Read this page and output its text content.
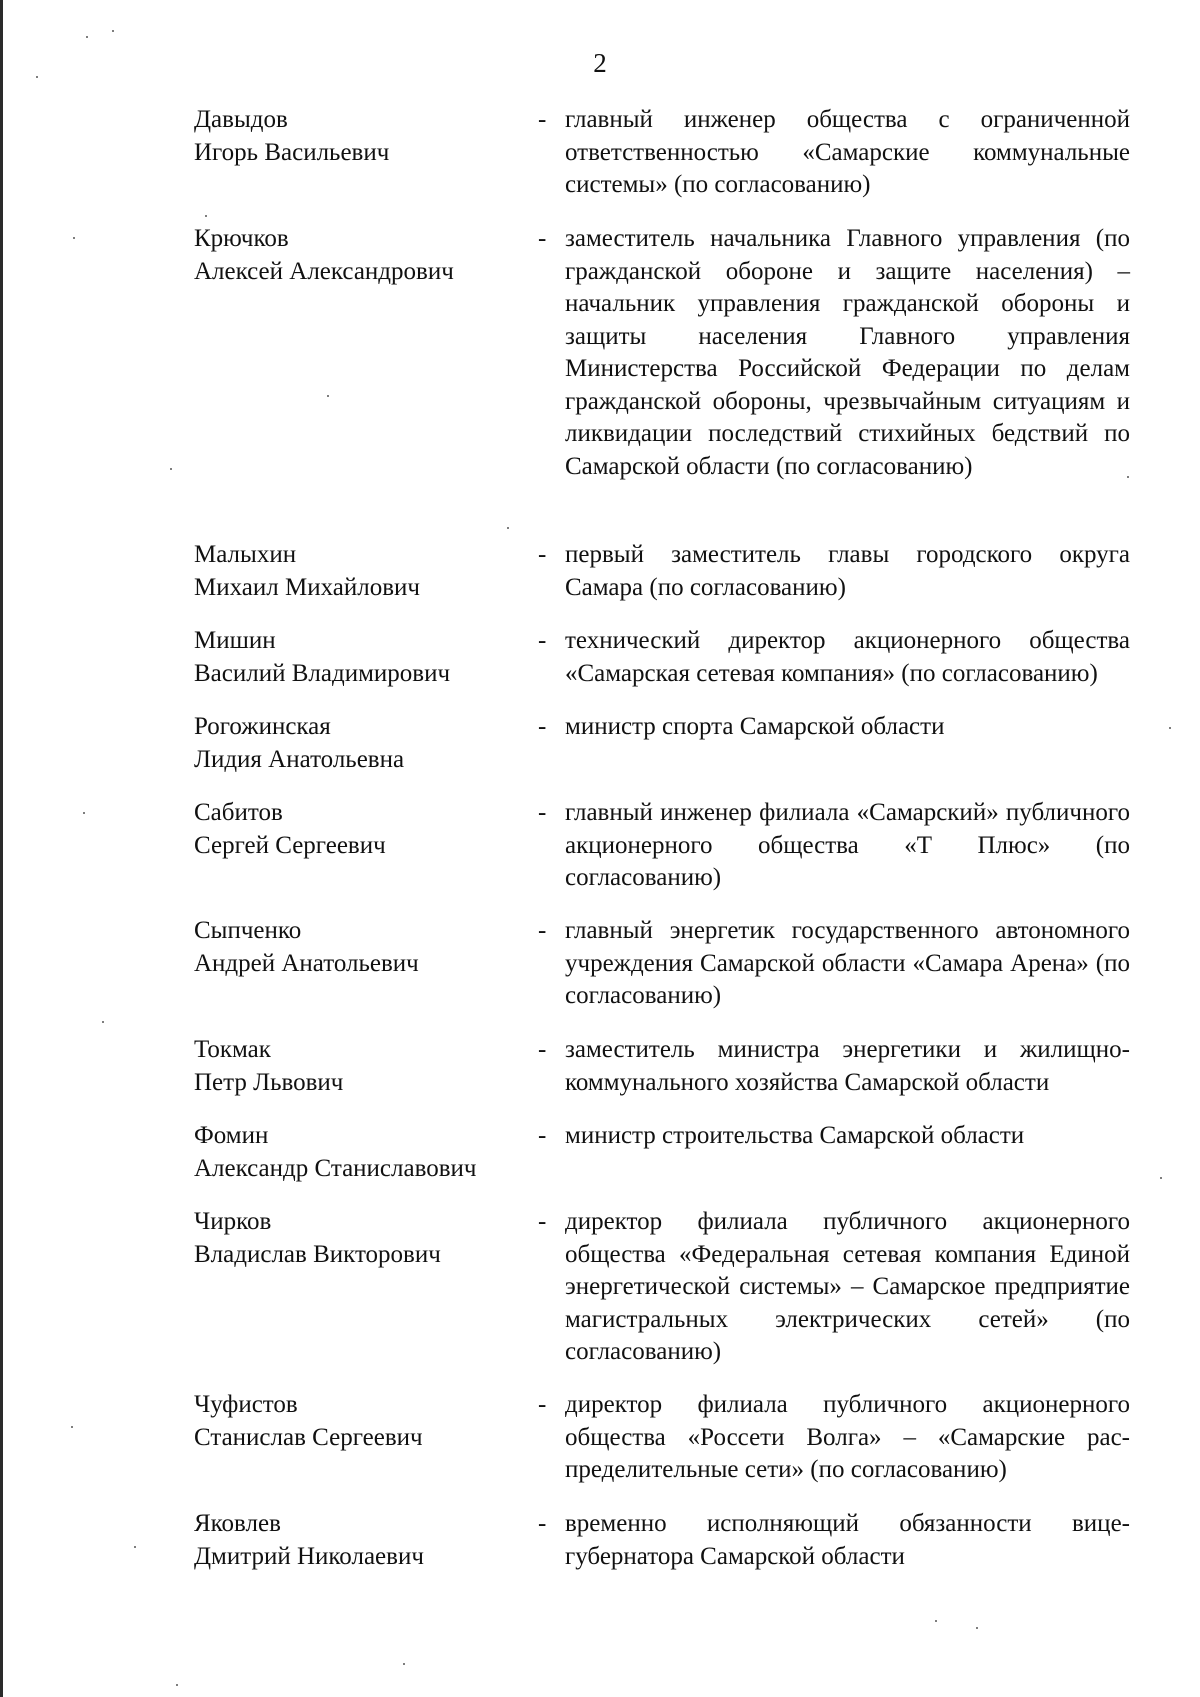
2
Давыдов
Игорь Васильевич
- главный инженер общества с ограниченной ответственностью «Самарские коммунальные системы» (по согласованию)
Крючков
Алексей Александрович
- заместитель начальника Главного управления (по гражданской обороне и защите населения) – начальник управления гражданской обороны и защиты населения Главного управления Министерства Российской Федерации по делам гражданской обороны, чрезвычайным ситуациям и ликвидации последствий стихийных бедствий по Самарской области (по согласованию)
Малыхин
Михаил Михайлович
- первый заместитель главы городского округа Самара (по согласованию)
Мишин
Василий Владимирович
- технический директор акционерного общества «Самарская сетевая компания» (по согласованию)
Рогожинская
Лидия Анатольевна
- министр спорта Самарской области
Сабитов
Сергей Сергеевич
- главный инженер филиала «Самарский» публичного акционерного общества «Т Плюс» (по согласованию)
Сыпченко
Андрей Анатольевич
- главный энергетик государственного автономного учреждения Самарской области «Самара Арена» (по согласованию)
Токмак
Петр Львович
- заместитель министра энергетики и жилищно-коммунального хозяйства Самарской области
Фомин
Александр Станиславович
- министр строительства Самарской области
Чирков
Владислав Викторович
- директор филиала публичного акционерного общества «Федеральная сетевая компания Единой энергетической системы» – Самарское предприятие магистральных электрических сетей» (по согласованию)
Чуфистов
Станислав Сергеевич
- директор филиала публичного акционерного общества «Россети Волга» – «Самарские распределительные сети» (по согласованию)
Яковлев
Дмитрий Николаевич
- временно исполняющий обязанности вице-губернатора Самарской области
